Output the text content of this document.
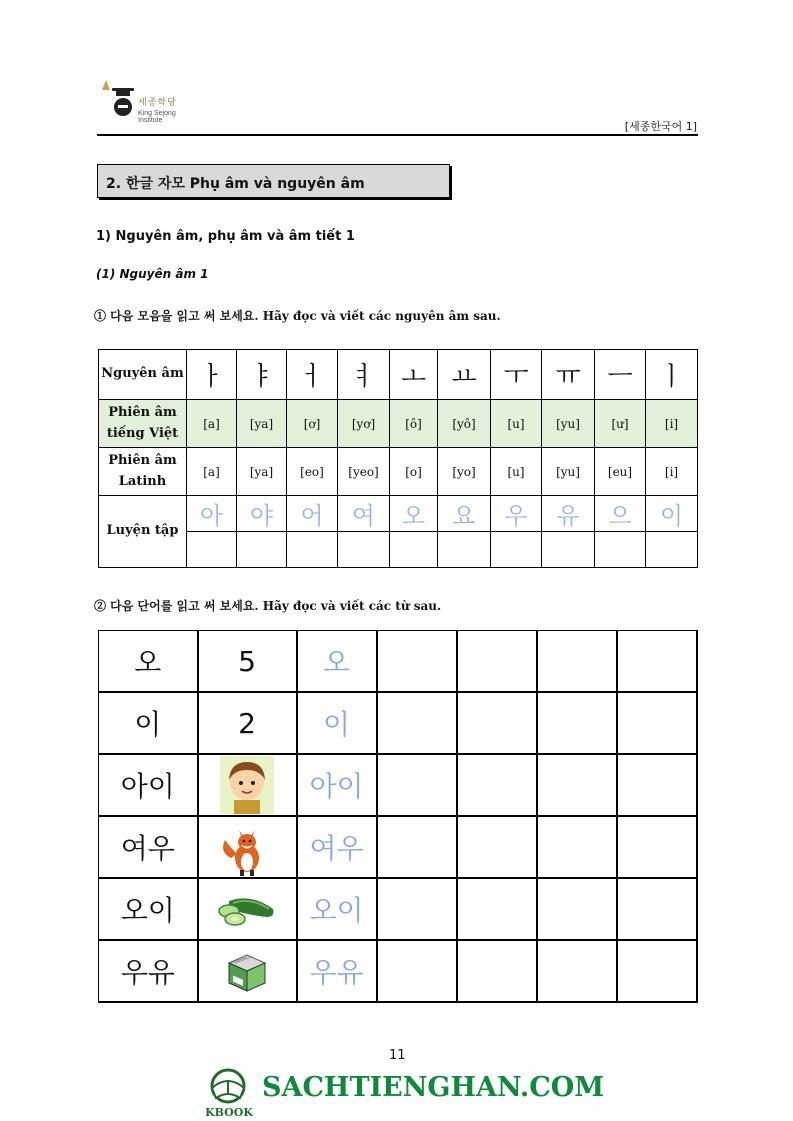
세종학당
King Sejong
Institute	[세종한국어 1]
2. 한글 자모 Phụ âm và nguyên âm
1) Nguyên âm, phụ âm và âm tiết 1
(1) Nguyên âm 1
① 다음 모음을 읽고 써 보세요. Hãy đọc và viết các nguyên âm sau.
Nguyên âm	ㅏ	ㅑ	ㅓ	ㅕ	ㅗ	ㅛ	ㅜ	ㅠ	ㅡ	ㅣ
Phiên âm tiếng Việt	[a]	[ya]	[ơ]	[yơ]	[ô]	[yô]	[u]	[yu]	[ư]	[i]
Phiên âm Latinh	[a]	[ya]	[eo]	[yeo]	[o]	[yo]	[u]	[yu]	[eu]	[i]
Luyện tập	아	야	어	여	오	요	우	유	으	이

② 다음 단어를 읽고 써 보세요. Hãy đọc và viết các từ sau.
오	5	오				
이	2	이				
아이		아이				
여우		여우				
오이		오이				
우유		우유				
11
KBOOK
SACHTIENGHAN.COM
